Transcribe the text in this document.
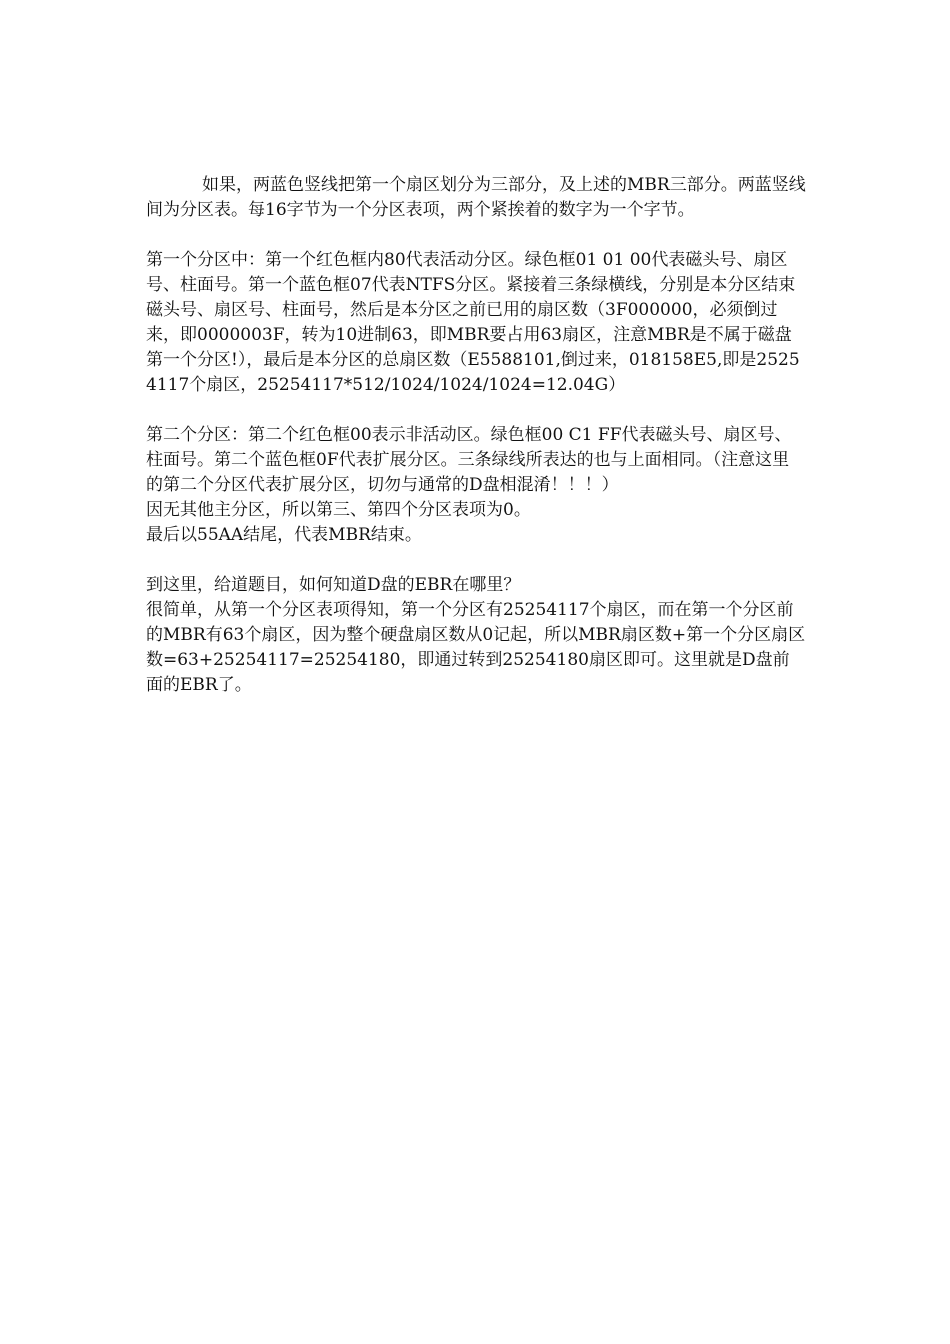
如果，两蓝色竖线把第一个扇区划分为三部分，及上述的MBR三部分。两蓝竖线间为分区表。每16字节为一个分区表项，两个紧挨着的数字为一个字节。

第一个分区中：第一个红色框内80代表活动分区。绿色框01 01 00代表磁头号、扇区号、柱面号。第一个蓝色框07代表NTFS分区。紧接着三条绿横线，分别是本分区结束磁头号、扇区号、柱面号，然后是本分区之前已用的扇区数（3F000000，必须倒过来，即0000003F，转为10进制63，即MBR要占用63扇区，注意MBR是不属于磁盘第一个分区!），最后是本分区的总扇区数（E5588101,倒过来，018158E5,即是25254117个扇区，25254117*512/1024/1024/1024=12.04G）

第二个分区：第二个红色框00表示非活动区。绿色框00 C1 FF代表磁头号、扇区号、柱面号。第二个蓝色框0F代表扩展分区。三条绿线所表达的也与上面相同。（注意这里的第二个分区代表扩展分区，切勿与通常的D盘相混淆！！！）

因无其他主分区，所以第三、第四个分区表项为0。

最后以55AA结尾，代表MBR结束。

到这里，给道题目，如何知道D盘的EBR在哪里？

很简单，从第一个分区表项得知，第一个分区有25254117个扇区，而在第一个分区前的MBR有63个扇区，因为整个硬盘扇区数从0记起，所以MBR扇区数+第一个分区扇区数=63+25254117=25254180，即通过转到25254180扇区即可。这里就是D盘前面的EBR了。
